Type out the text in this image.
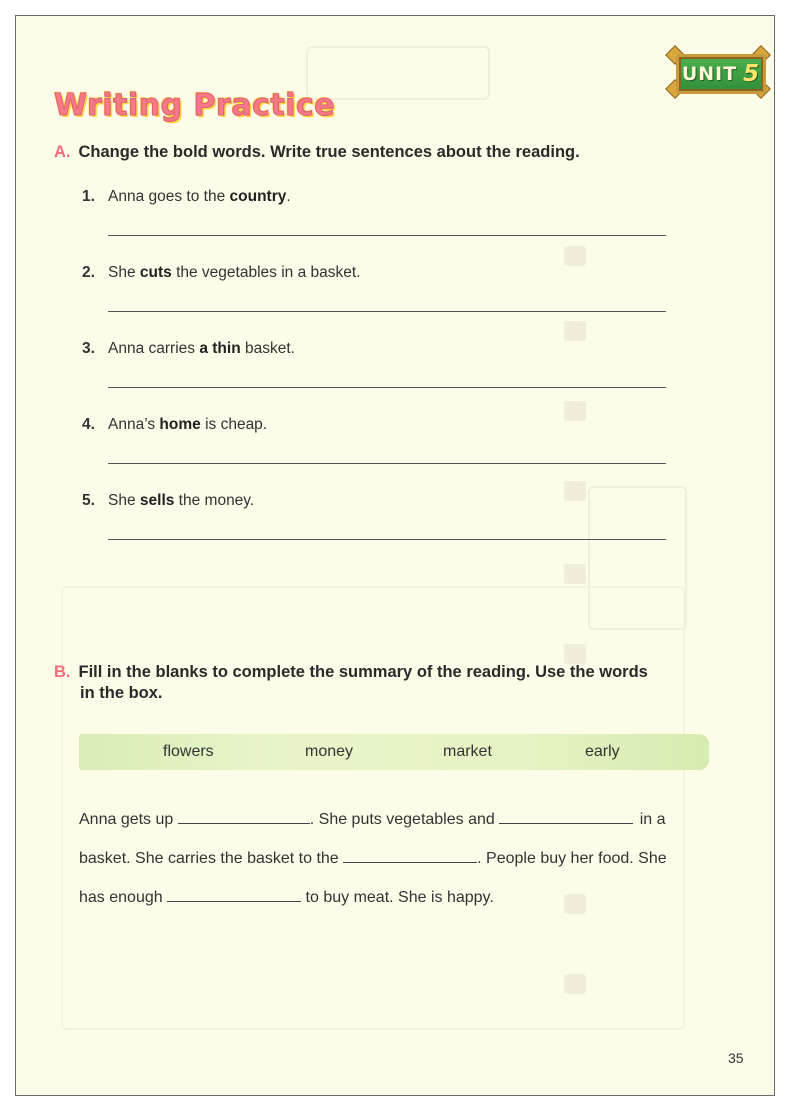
UNIT 5
Writing Practice
A. Change the bold words. Write true sentences about the reading.
1. Anna goes to the country.
2. She cuts the vegetables in a basket.
3. Anna carries a thin basket.
4. Anna’s home is cheap.
5. She sells the money.
B. Fill in the blanks to complete the summary of the reading. Use the words
in the box.
flowers	money	market	early
Anna gets up	. She puts vegetables and	in a
basket. She carries the basket to the	. People buy her food. She
has enough	to buy meat. She is happy.
35
